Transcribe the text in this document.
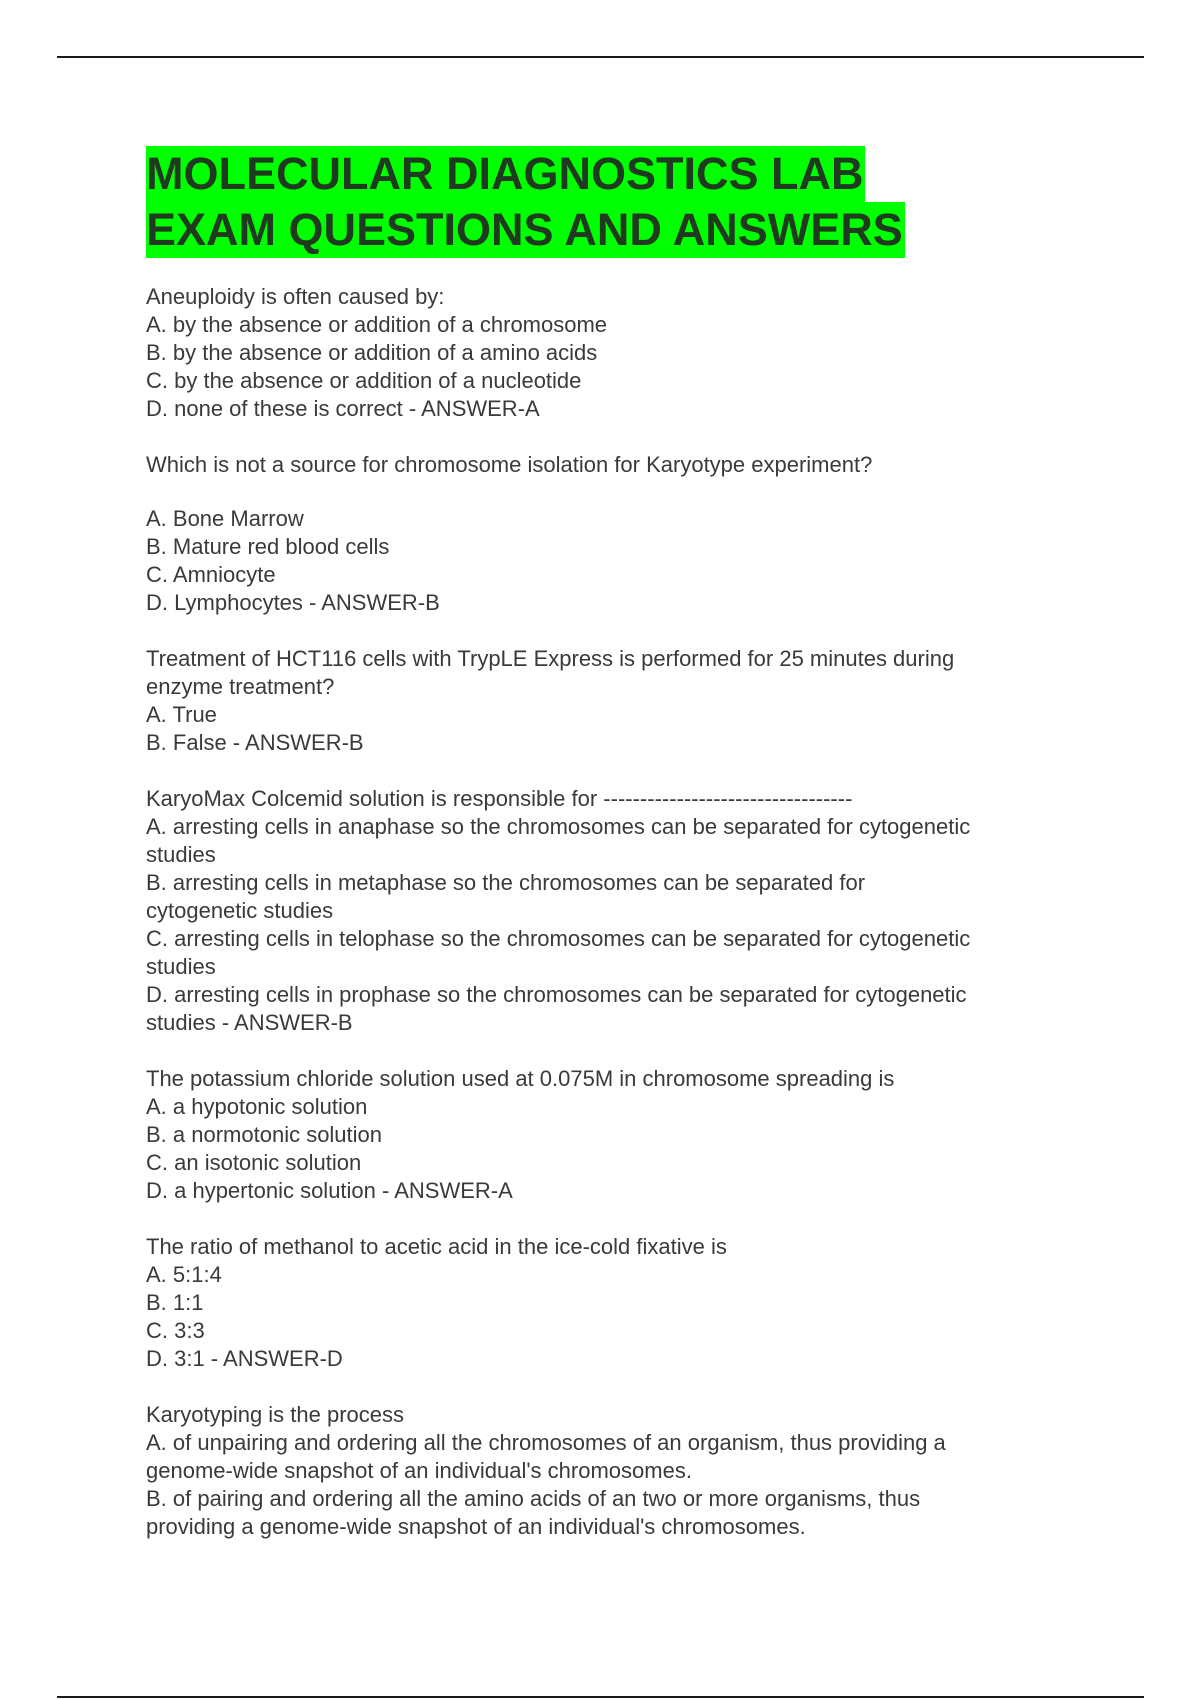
MOLECULAR DIAGNOSTICS LAB
EXAM QUESTIONS AND ANSWERS
Aneuploidy is often caused by:
A. by the absence or addition of a chromosome
B. by the absence or addition of a amino acids
C. by the absence or addition of a nucleotide
D. none of these is correct - ANSWER-A
Which is not a source for chromosome isolation for Karyotype experiment?
A. Bone Marrow
B. Mature red blood cells
C. Amniocyte
D. Lymphocytes - ANSWER-B
Treatment of HCT116 cells with TrypLE Express is performed for 25 minutes during
enzyme treatment?
A. True
B. False - ANSWER-B
KaryoMax Colcemid solution is responsible for ----------------------------------
A. arresting cells in anaphase so the chromosomes can be separated for cytogenetic
studies
B. arresting cells in metaphase so the chromosomes can be separated for
cytogenetic studies
C. arresting cells in telophase so the chromosomes can be separated for cytogenetic
studies
D. arresting cells in prophase so the chromosomes can be separated for cytogenetic
studies - ANSWER-B
The potassium chloride solution used at 0.075M in chromosome spreading is
A. a hypotonic solution
B. a normotonic solution
C. an isotonic solution
D. a hypertonic solution - ANSWER-A
The ratio of methanol to acetic acid in the ice-cold fixative is
A. 5:1:4
B. 1:1
C. 3:3
D. 3:1 - ANSWER-D
Karyotyping is the process
A. of unpairing and ordering all the chromosomes of an organism, thus providing a
genome-wide snapshot of an individual's chromosomes.
B. of pairing and ordering all the amino acids of an two or more organisms, thus
providing a genome-wide snapshot of an individual's chromosomes.
